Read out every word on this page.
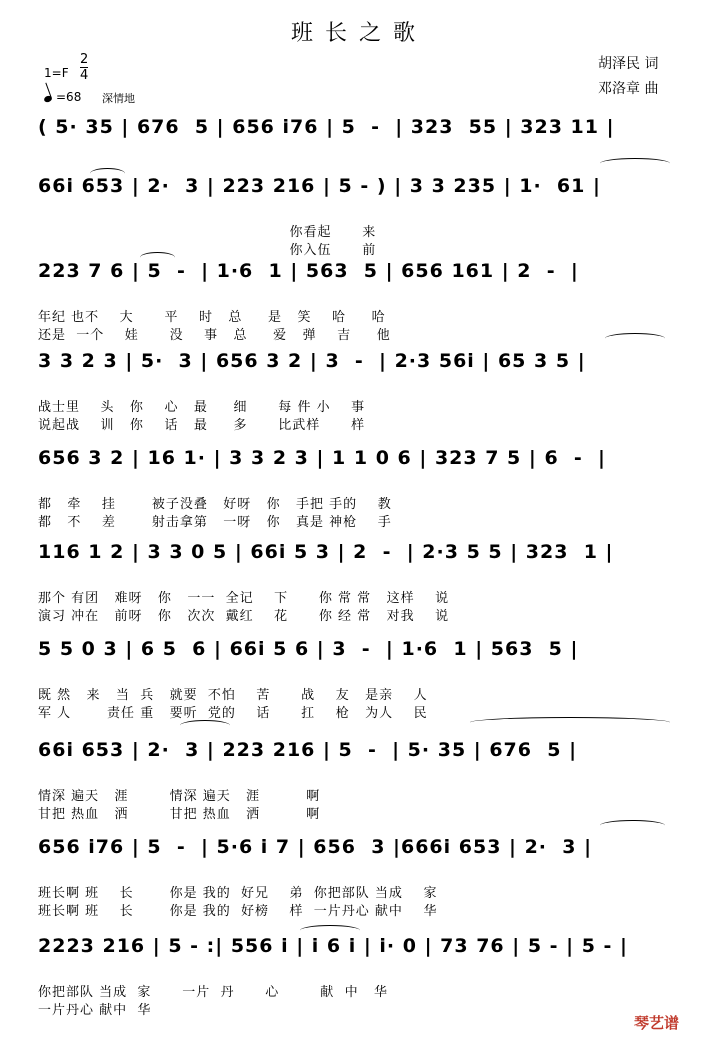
班长之歌
胡泽民 词
邓洛章 曲
$1=F \frac{2}{4}$
=68 深情地
( 5· 35 | 676  5 | 656 i76 | 5  -  | 323  55 | 323 11 |
66i 653 | 2·  3 | 223 216 | 5 - ) | 3 3 235 | 1·  61 |
你看起      来
你入伍      前
223 7 6 | 5  -  | 1·6  1 | 563  5 | 656 161 | 2  -  |
年纪 也不    大      平    时   总     是   笑    哈     哈
还是  一个    娃      没    事   总     爱   弹    吉     他
3 3 2 3 | 5·  3 | 656 3 2 | 3  -  | 2·3 56i | 65 3 5 |
战士里    头   你    心   最     细      每 件 小    事
说起战    训   你    话   最     多      比武样      样
656 3 2 | 16 1· | 3 3 2 3 | 1 1 0 6 | 323 7 5 | 6  -  |
都   牵    挂       被子没叠   好呀   你   手把 手的    教
都   不    差       射击拿第   一呀   你   真是 神枪    手
116 1 2 | 3 3 0 5 | 66i 5 3 | 2  -  | 2·3 5 5 | 323  1 |
那个 有团   难呀   你   一一  全记    下      你 常 常   这样    说
演习 冲在   前呀   你   次次  戴红    花      你 经 常   对我    说
5 5 0 3 | 6 5  6 | 66i 5 6 | 3  -  | 1·6  1 | 563  5 |
既 然   来   当  兵   就要  不怕    苦      战    友   是亲    人
军 人       责任 重   要听  党的    话      扛    枪   为人    民
66i 653 | 2·  3 | 223 216 | 5  -  | 5· 35 | 676  5 |
情深 遍天   涯        情深 遍天   涯         啊
甘把 热血   洒        甘把 热血   洒         啊
656 i76 | 5  -  | 5·6 i 7 | 656  3 |666i 653 | 2·  3 |
班长啊 班    长       你是 我的  好兄    弟  你把部队 当成    家
班长啊 班    长       你是 我的  好榜    样  一片丹心 献中    华
2223 216 | 5 - :| 556 i | i 6 i | i· 0 | 73 76 | 5 - | 5 - |
你把部队 当成  家      一片  丹      心        献  中   华
一片丹心 献中  华
琴艺谱
